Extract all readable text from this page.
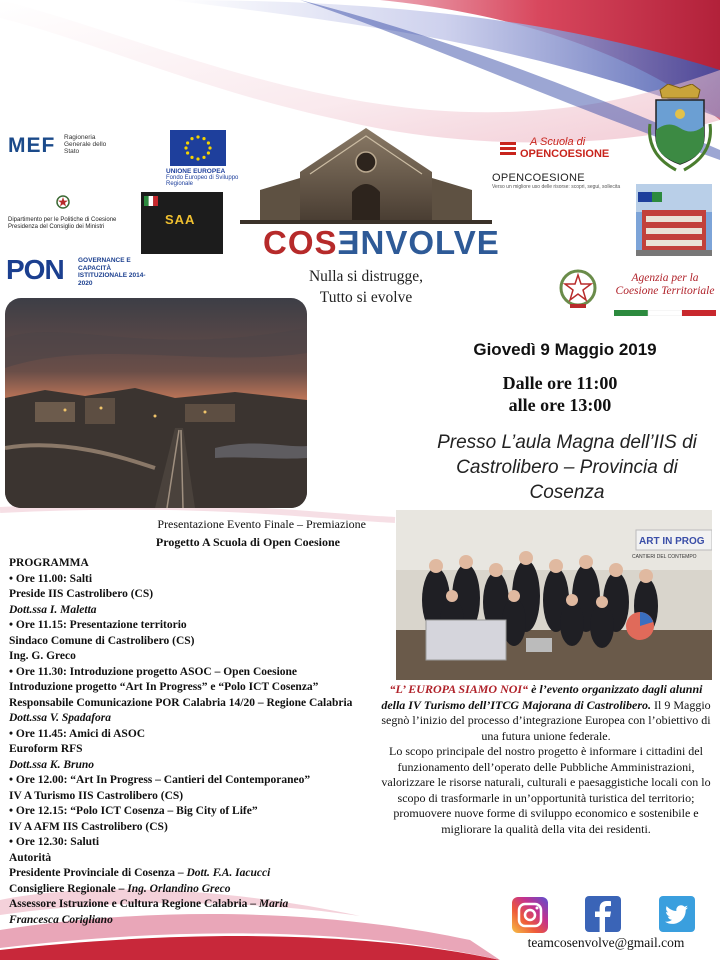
MEF Ragioneria Generale dello Stato
UNIONE EUROPEA
Fondo Europeo di Sviluppo Regionale
Dipartimento per le Politiche di Coesione
Presidenza del Consiglio dei Ministri	SAA
PON GOVERNANCE E CAPACITÀ ISTITUZIONALE 2014-2020
COSƎNVOLVE
Nulla si distrugge,
Tutto si evolve
A Scuola di
OPENCOESIONE
OPENCOESIONE
Verso un migliore uso delle risorse: scopri, segui, sollecita
Agenzia per la Coesione Territoriale
Giovedì 9 Maggio 2019
Dalle ore 11:00
alle ore 13:00
Presso L’aula Magna dell’IIS di Castrolibero – Provincia di Cosenza
ART IN PROG
CANTIERI DEL CONTEMPO
Presentazione Evento Finale – Premiazione
Progetto A Scuola di Open Coesione
PROGRAMMA
• Ore 11.00: Salti
Preside IIS Castrolibero (CS)
Dott.ssa I. Maletta
• Ore 11.15: Presentazione territorio
Sindaco Comune di Castrolibero (CS)
Ing. G. Greco
• Ore 11.30: Introduzione progetto ASOC – Open Coesione
Introduzione progetto “Art In Progress” e “Polo ICT Cosenza”
Responsabile Comunicazione POR Calabria 14/20 – Regione Calabria
Dott.ssa V. Spadafora
• Ore 11.45: Amici di ASOC
Euroform RFS
Dott.ssa K. Bruno
• Ore 12.00: “Art In Progress – Cantieri del Contemporaneo”
IV A Turismo IIS Castrolibero (CS)
• Ore 12.15: “Polo ICT Cosenza – Big City of Life”
IV A AFM IIS Castrolibero (CS)
• Ore 12.30: Saluti
Autorità
Presidente Provinciale di Cosenza – Dott. F.A. Iacucci
Consigliere Regionale – Ing. Orlandino Greco
Assessore Istruzione e Cultura Regione Calabria – Maria Francesca Corigliano
“L’ EUROPA SIAMO NOI“ è l’evento organizzato dagli alunni della IV Turismo dell’ITCG Majorana di Castrolibero. Il 9 Maggio segnò l’inizio del processo d’integrazione Europea con l’obiettivo di una futura unione federale.
Lo scopo principale del nostro progetto è informare i cittadini del funzionamento dell’operato delle Pubbliche Amministrazioni, valorizzare le risorse naturali, culturali e paesaggistiche locali con lo scopo di trasformarle in un’opportunità turistica del territorio; promuovere nuove forme di sviluppo economico e sostenibile e migliorare la qualità della vita dei residenti.
teamcosenvolve@gmail.com
